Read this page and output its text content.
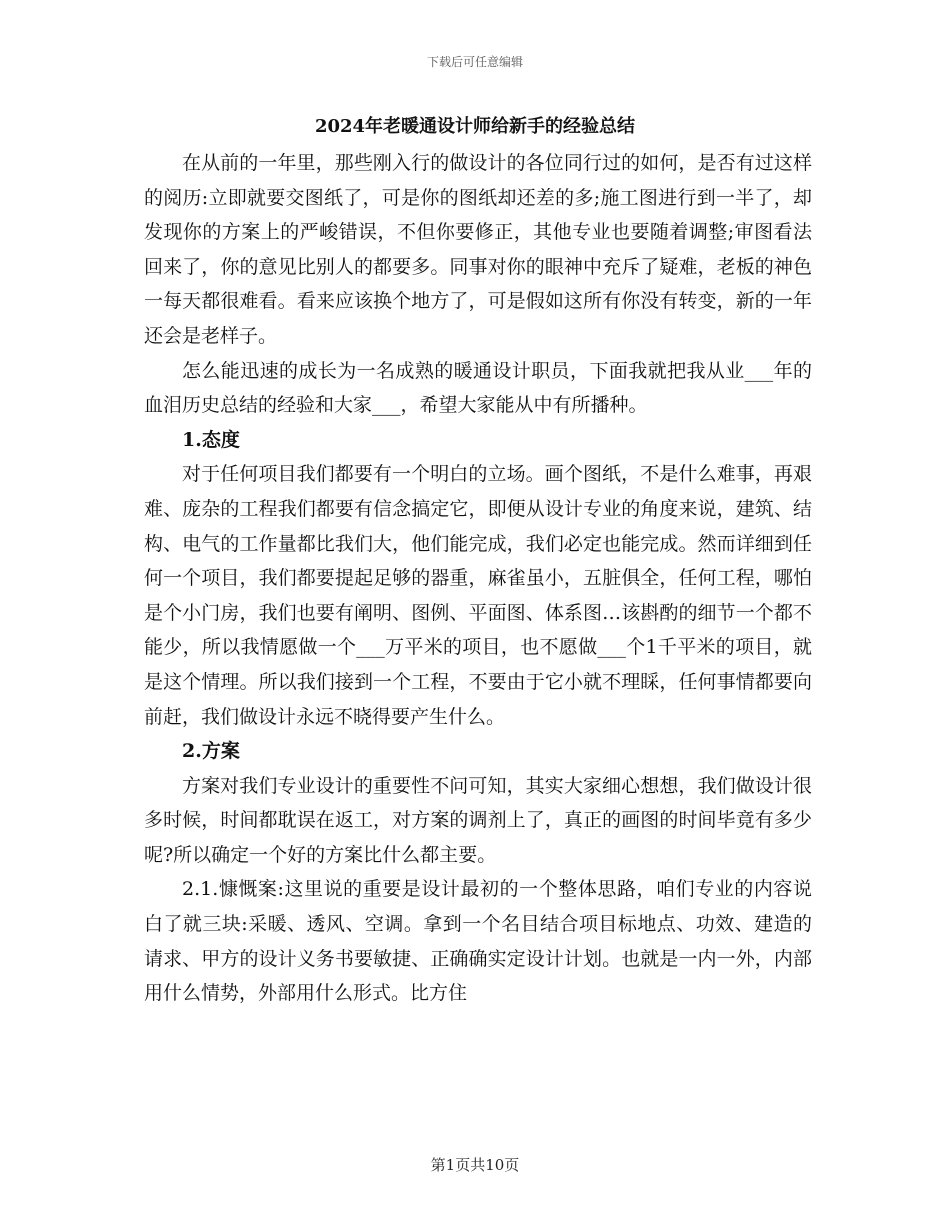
下载后可任意编辑
2024年老暖通设计师给新手的经验总结

在从前的一年里，那些刚入行的做设计的各位同行过的如何，是否有过这样的阅历:立即就要交图纸了，可是你的图纸却还差的多;施工图进行到一半了，却发现你的方案上的严峻错误，不但你要修正，其他专业也要随着调整;审图看法回来了，你的意见比别人的都要多。同事对你的眼神中充斥了疑难，老板的神色一每天都很难看。看来应该换个地方了，可是假如这所有你没有转变，新的一年还会是老样子。

怎么能迅速的成长为一名成熟的暖通设计职员，下面我就把我从业___年的血泪历史总结的经验和大家___，希望大家能从中有所播种。

1.态度

对于任何项目我们都要有一个明白的立场。画个图纸，不是什么难事，再艰难、庞杂的工程我们都要有信念搞定它，即便从设计专业的角度来说，建筑、结构、电气的工作量都比我们大，他们能完成，我们必定也能完成。然而详细到任何一个项目，我们都要提起足够的器重，麻雀虽小，五脏俱全，任何工程，哪怕是个小门房，我们也要有阐明、图例、平面图、体系图…该斟酌的细节一个都不能少，所以我情愿做一个___万平米的项目，也不愿做___个1千平米的项目，就是这个情理。所以我们接到一个工程，不要由于它小就不理睬，任何事情都要向前赶，我们做设计永远不晓得要产生什么。

2.方案

方案对我们专业设计的重要性不问可知，其实大家细心想想，我们做设计很多时候，时间都耽误在返工，对方案的调剂上了，真正的画图的时间毕竟有多少呢?所以确定一个好的方案比什么都主要。

2.1.慷慨案:这里说的重要是设计最初的一个整体思路，咱们专业的内容说白了就三块:采暖、透风、空调。拿到一个名目结合项目标地点、功效、建造的请求、甲方的设计义务书要敏捷、正确确实定设计计划。也就是一内一外，内部用什么情势，外部用什么形式。比方住

第1页共10页
